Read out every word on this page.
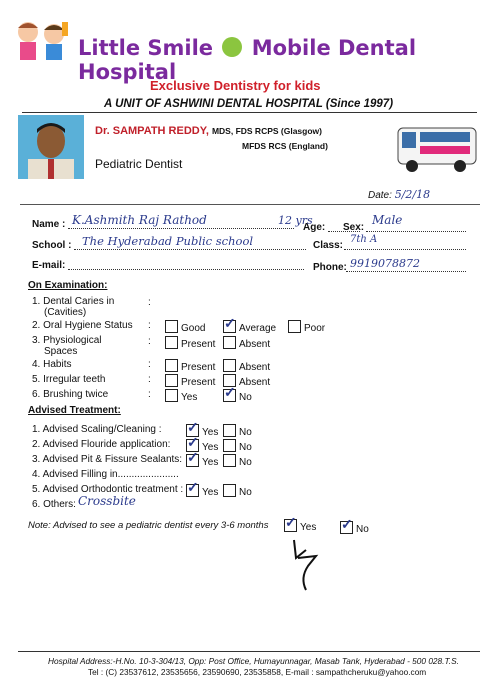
Little Smile Mobile Dental Hospital
Exclusive Dentistry for kids
A UNIT OF ASHWINI DENTAL HOSPITAL (Since 1997)
Dr. SAMPATH REDDY, MDS, FDS RCPS (Glasgow)
MFDS RCS (England)
Pediatric Dentist
Date: 5/2/18
Name : K.Ashmith Raj Rathod
Age:
12 yrs
Sex:
Male
School : The Hyderabad Public school	Class:
7th A
E-mail:	Phone: 9919078872
On Examination:
1. Dental Caries in
(Cavities)
:
2. Oral Hygiene Status :	Good ✓	Average	Poor
3. Physiological
Spaces
:	Present	Absent
4. Habits	:	Present	Absent
5. Irregular teeth	:	Present	Absent
6. Brushing twice	:	Yes ✓	No
Advised Treatment:
1. Advised Scaling/Cleaning : ✓	Yes	No
2. Advised Flouride application: ✓	Yes	No
3. Advised Pit & Fissure Sealants: ✓	Yes	No
4. Advised Filling in......................
5. Advised Orthodontic treatment : ✓	Yes	No
6. Others: Crossbite
Note: Advised to see a pediatric dentist every 3-6 months ✓	Yes ✓	No
Hospital Address:-H.No. 10-3-304/13, Opp: Post Office, Humayunnagar, Masab Tank, Hyderabad - 500 028.T.S.
Tel : (C) 23537612, 23535656, 23590690, 23535858, E-mail : sampathcheruku@yahoo.com
